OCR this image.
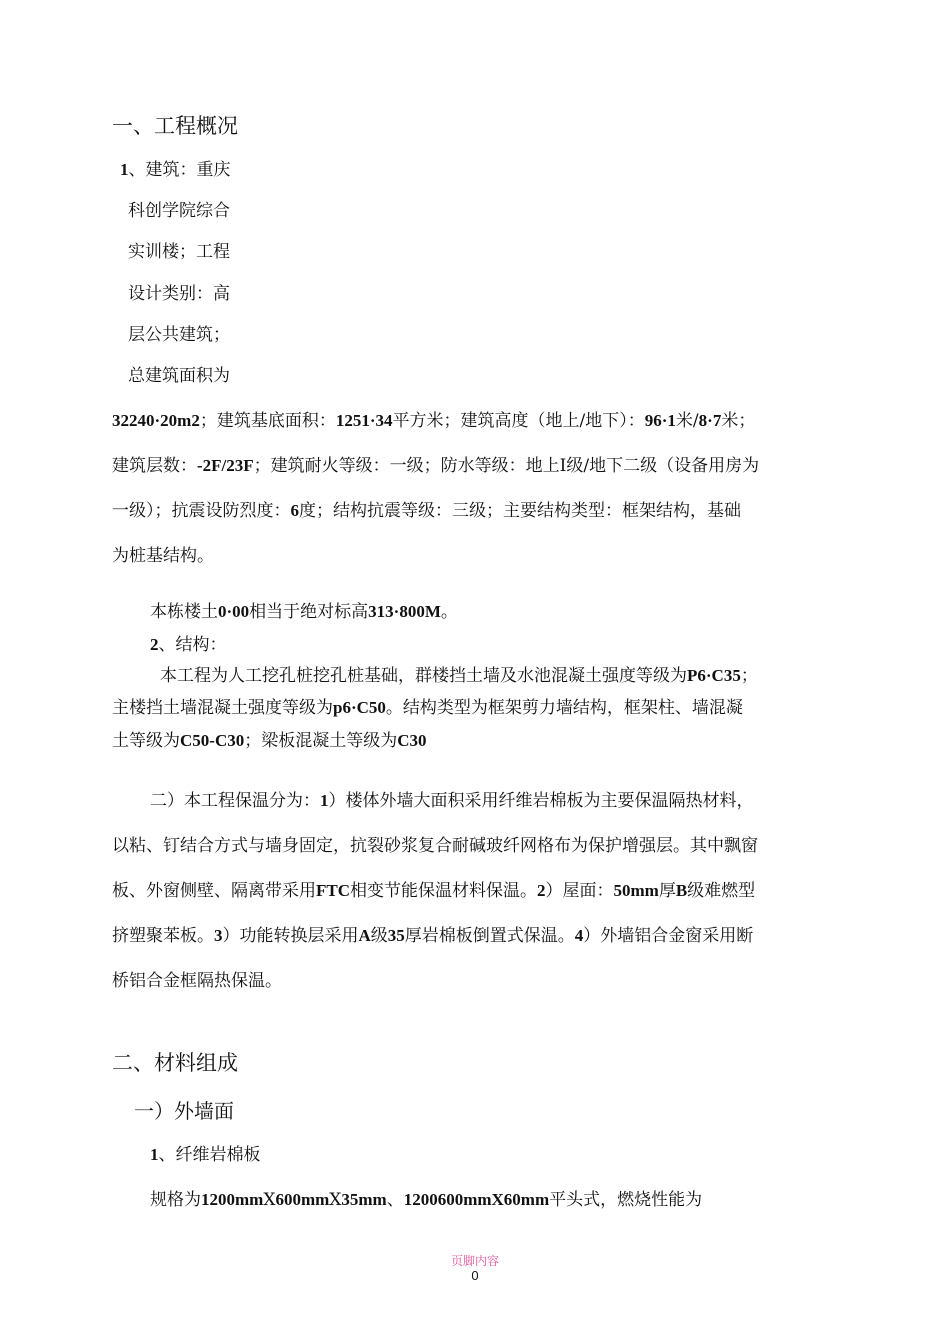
一、工程概况
1、建筑：重庆
科创学院综合
实训楼；工程
设计类别：高
层公共建筑；
总建筑面积为
32240·20m2；建筑基底面积：1251·34平方米；建筑高度（地上/地下）：96·1米/8·7米；
建筑层数：-2F/23F；建筑耐火等级：一级；防水等级：地上Ⅰ级/地下二级（设备用房为
一级）；抗震设防烈度：6度；结构抗震等级：三级；主要结构类型：框架结构，基础
为桩基结构。
本栋楼土0·00相当于绝对标高313·800M。
2、结构：
本工程为人工挖孔桩挖孔桩基础，群楼挡土墙及水池混凝土强度等级为P6·C35；
主楼挡土墙混凝土强度等级为p6·C50。结构类型为框架剪力墙结构，框架柱、墙混凝
土等级为C50-C30；梁板混凝土等级为C30
二）本工程保温分为：1）楼体外墙大面积采用纤维岩棉板为主要保温隔热材料，
以粘、钉结合方式与墙身固定，抗裂砂浆复合耐碱玻纤网格布为保护增强层。其中飘窗
板、外窗侧壁、隔离带采用FTC相变节能保温材料保温。2）屋面：50mm厚B级难燃型
挤塑聚苯板。3）功能转换层采用A级35厚岩棉板倒置式保温。4）外墙铝合金窗采用断
桥铝合金框隔热保温。
二、材料组成
一）外墙面
1、纤维岩棉板
规格为1200mmⅩ600mmⅩ35mm、1200600mmX60mm平头式，燃烧性能为
页脚内容
0
